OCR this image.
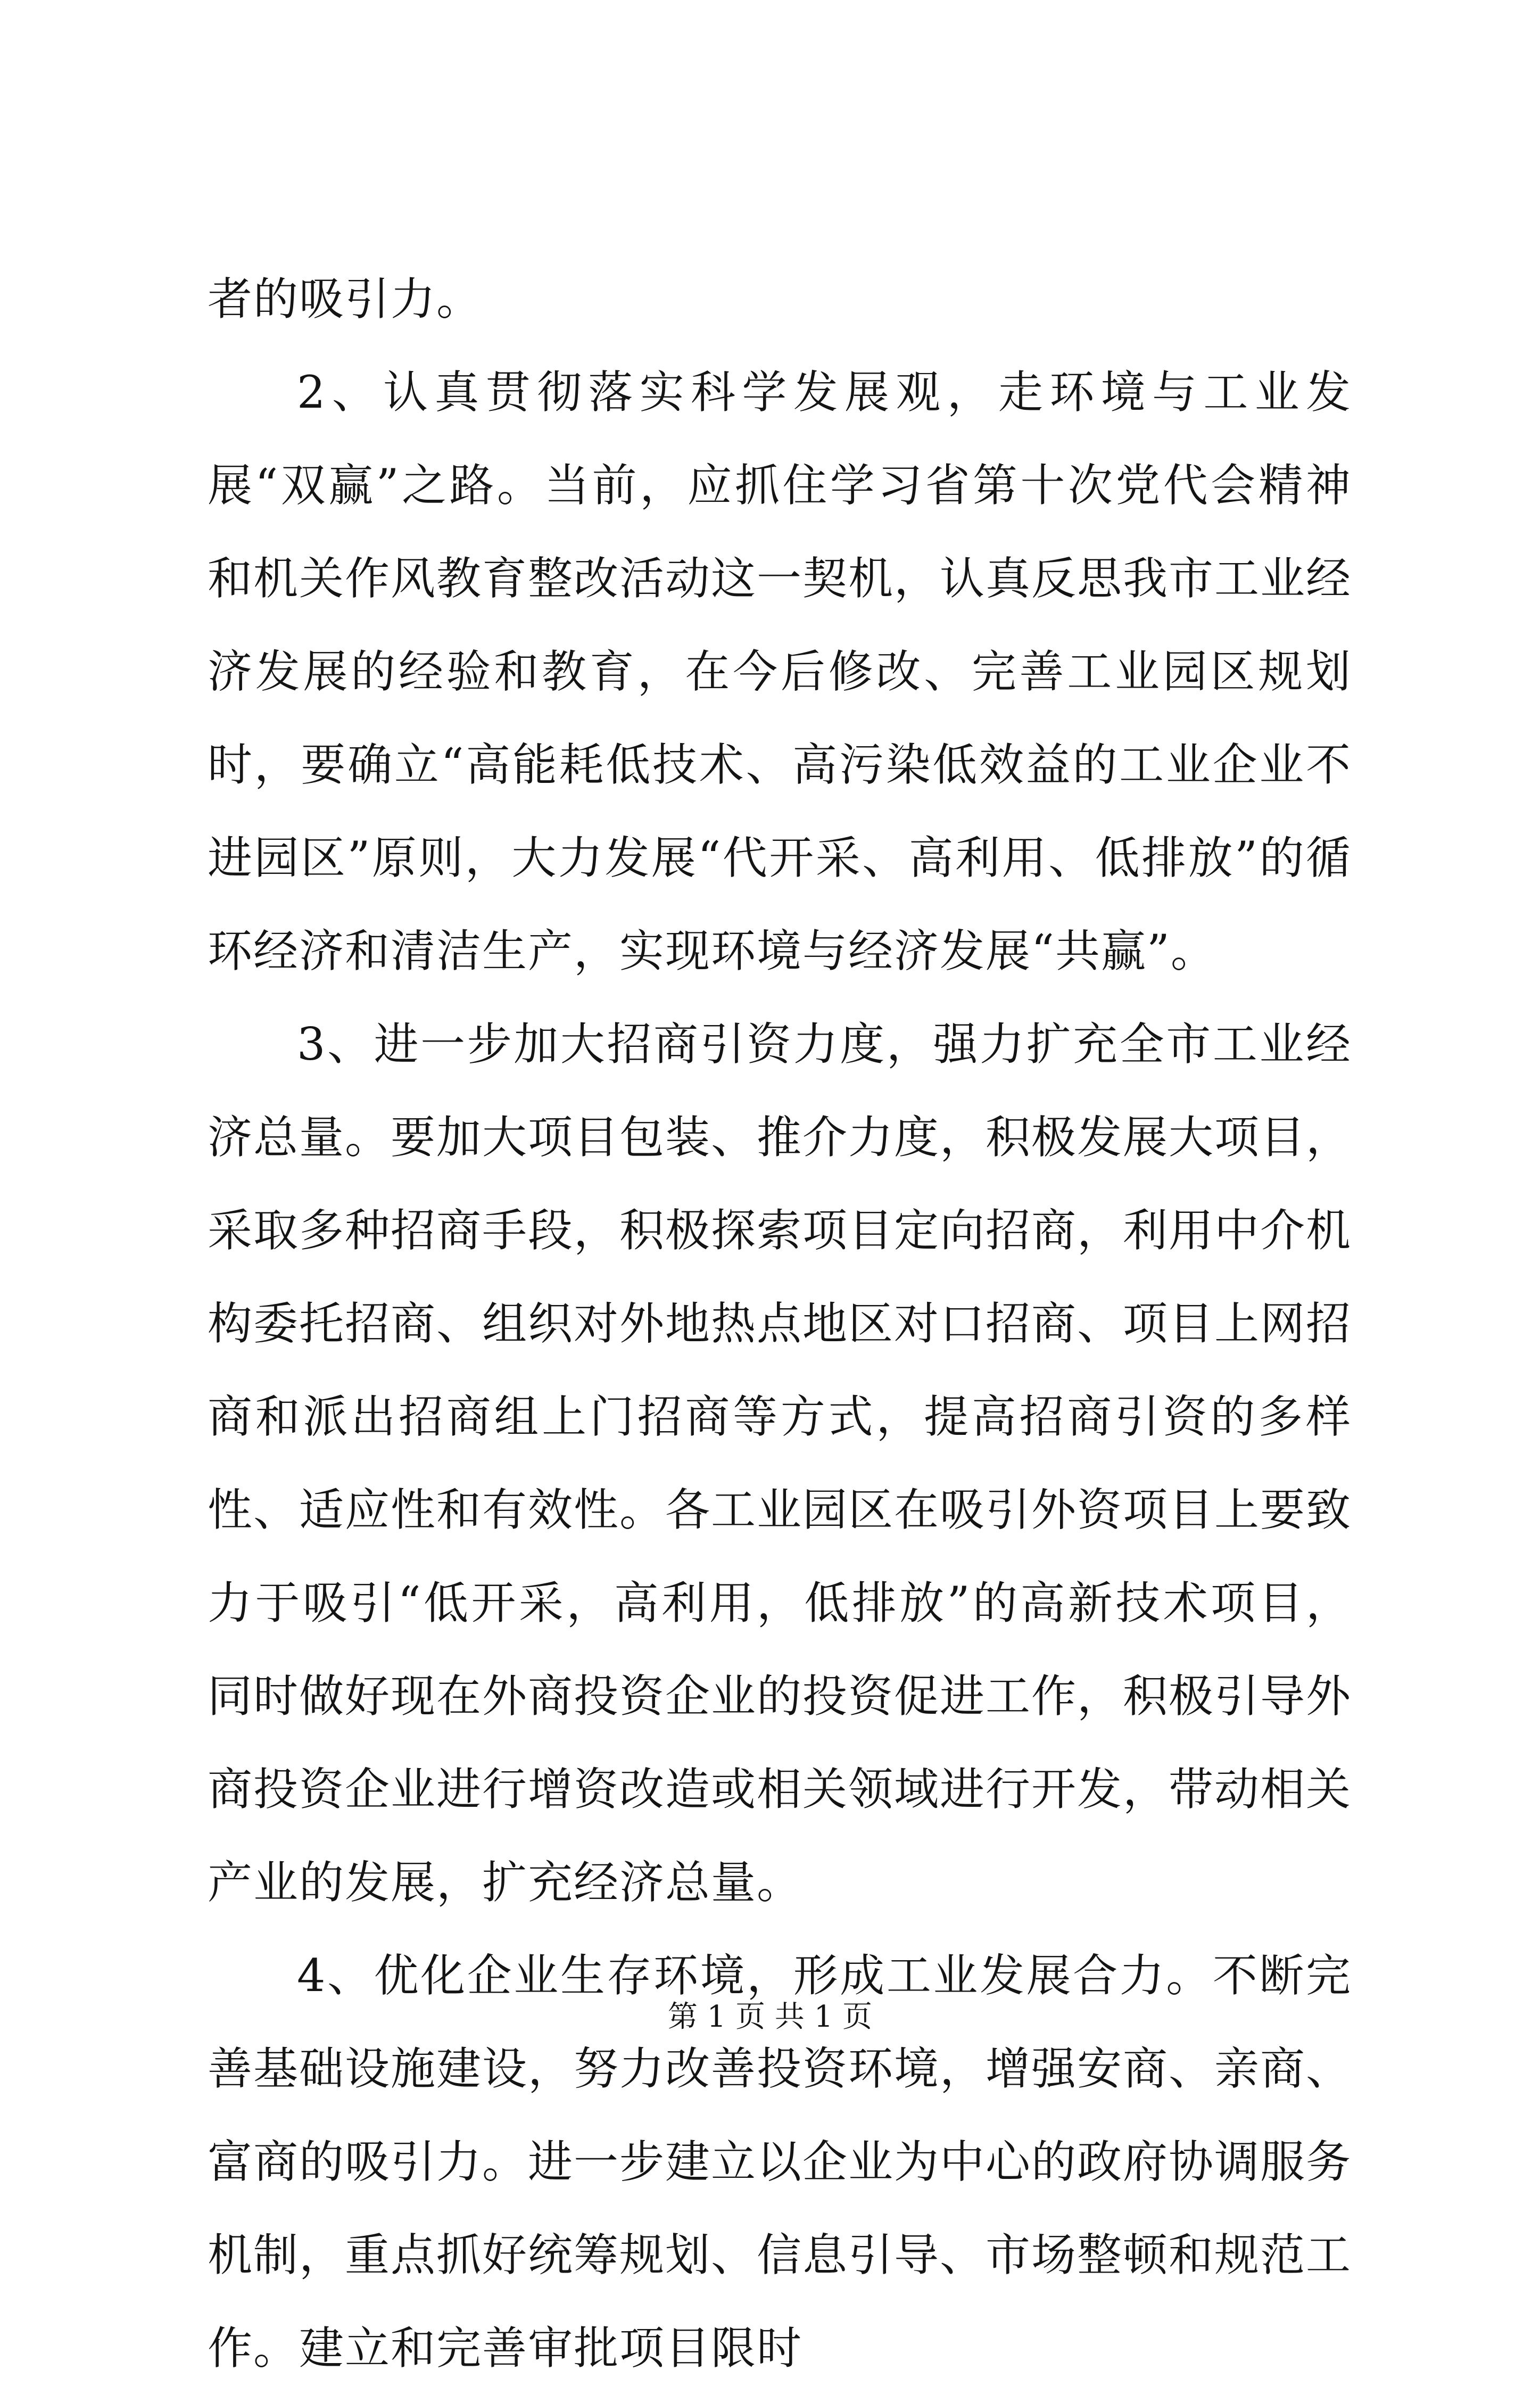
者的吸引力。

2、认真贯彻落实科学发展观，走环境与工业发展“双赢”之路。当前，应抓住学习省第十次党代会精神和机关作风教育整改活动这一契机，认真反思我市工业经济发展的经验和教育，在今后修改、完善工业园区规划时，要确立“高能耗低技术、高污染低效益的工业企业不进园区”原则，大力发展“代开采、高利用、低排放”的循环经济和清洁生产，实现环境与经济发展“共赢”。

3、进一步加大招商引资力度，强力扩充全市工业经济总量。要加大项目包装、推介力度，积极发展大项目，采取多种招商手段，积极探索项目定向招商，利用中介机构委托招商、组织对外地热点地区对口招商、项目上网招商和派出招商组上门招商等方式，提高招商引资的多样性、适应性和有效性。各工业园区在吸引外资项目上要致力于吸引“低开采，高利用，低排放”的高新技术项目，同时做好现在外商投资企业的投资促进工作，积极引导外商投资企业进行增资改造或相关领域进行开发，带动相关产业的发展，扩充经济总量。

4、优化企业生存环境，形成工业发展合力。不断完善基础设施建设，努力改善投资环境，增强安商、亲商、富商的吸引力。进一步建立以企业为中心的政府协调服务机制，重点抓好统筹规划、信息引导、市场整顿和规范工作。建立和完善审批项目限时

第 1 页 共 1 页
